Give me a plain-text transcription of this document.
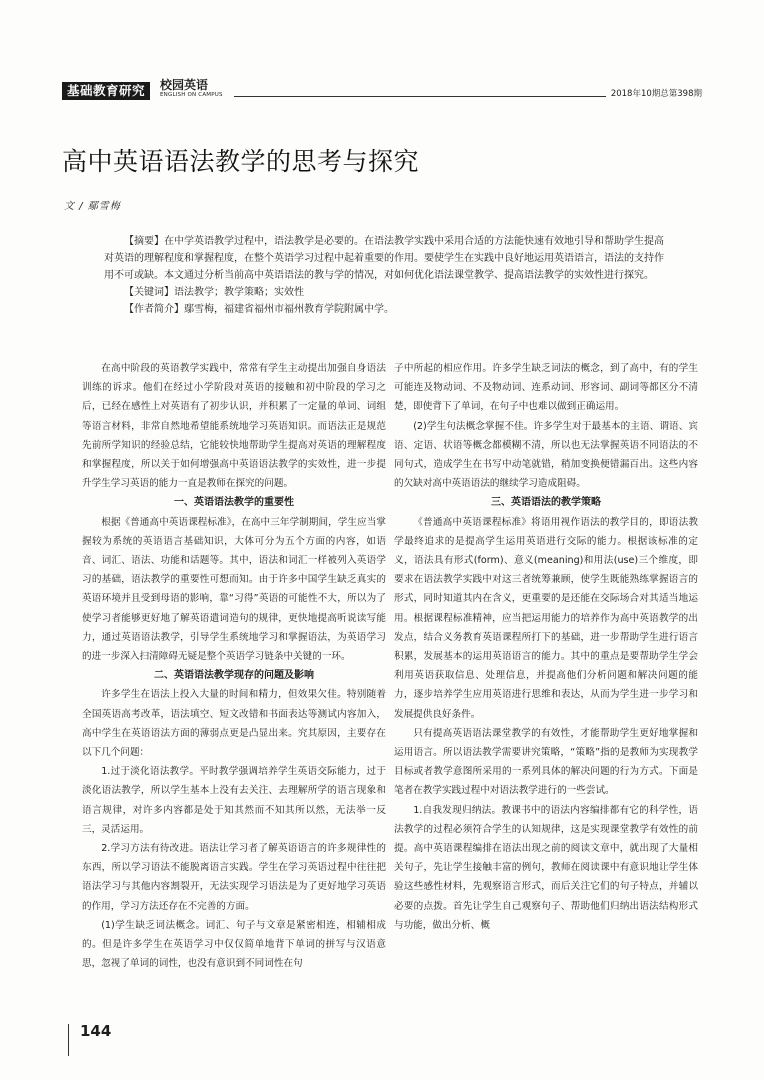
基础教育研究	校园英语
ENGLISH ON CAMPUS	2018年10期总第398期
高中英语语法教学的思考与探究
文 / 鄢雪梅

【摘要】在中学英语教学过程中，语法教学是必要的。在语法教学实践中采用合适的方法能快速有效地引导和帮助学生提高对英语的理解程度和掌握程度，在整个英语学习过程中起着重要的作用。要使学生在实践中良好地运用英语语言，语法的支持作用不可或缺。本文通过分析当前高中英语语法的教与学的情况，对如何优化语法课堂教学、提高语法教学的实效性进行探究。

【关键词】语法教学；教学策略；实效性

【作者简介】鄢雪梅，福建省福州市福州教育学院附属中学。

在高中阶段的英语教学实践中，常常有学生主动提出加强自身语法训练的诉求。他们在经过小学阶段对英语的接触和初中阶段的学习之后，已经在感性上对英语有了初步认识，并积累了一定量的单词、词组等语言材料，非常自然地希望能系统地学习英语知识。而语法正是规范先前所学知识的经验总结，它能较快地帮助学生提高对英语的理解程度和掌握程度，所以关于如何增强高中英语语法教学的实效性，进一步提升学生学习英语的能力一直是教师在探究的问题。

一、英语语法教学的重要性

根据《普通高中英语课程标准》，在高中三年学制期间，学生应当掌握较为系统的英语语言基础知识，大体可分为五个方面的内容，如语音、词汇、语法、功能和话题等。其中，语法和词汇一样被列入英语学习的基础，语法教学的重要性可想而知。由于许多中国学生缺乏真实的英语环境并且受到母语的影响，靠“习得”英语的可能性不大，所以为了使学习者能够更好地了解英语遣词造句的规律，更快地提高听说读写能力，通过英语语法教学，引导学生系统地学习和掌握语法，为英语学习的进一步深入扫清障碍无疑是整个英语学习链条中关键的一环。

二、英语语法教学现存的问题及影响

许多学生在语法上投入大量的时间和精力，但效果欠佳。特别随着全国英语高考改革，语法填空、短文改错和书面表达等测试内容加入，高中学生在英语语法方面的薄弱点更是凸显出来。究其原因，主要存在以下几个问题：

1.过于淡化语法教学。平时教学强调培养学生英语交际能力，过于淡化语法教学，所以学生基本上没有去关注、去理解所学的语言现象和语言规律，对许多内容都是处于知其然而不知其所以然，无法举一反三，灵活运用。

2.学习方法有待改进。语法让学习者了解英语语言的许多规律性的东西，所以学习语法不能脱离语言实践。学生在学习英语过程中往往把语法学习与其他内容割裂开，无法实现学习语法是为了更好地学习英语的作用，学习方法还存在不完善的方面。

(1)学生缺乏词法概念。词汇、句子与文章是紧密相连，相辅相成的。但是许多学生在英语学习中仅仅简单地背下单词的拼写与汉语意思，忽视了单词的词性，也没有意识到不同词性在句

子中所起的相应作用。许多学生缺乏词法的概念，到了高中，有的学生可能连及物动词、不及物动词、连系动词、形容词、副词等都区分不清楚，即使背下了单词，在句子中也难以做到正确运用。

(2)学生句法概念掌握不佳。许多学生对于最基本的主语、谓语、宾语、定语、状语等概念都模糊不清，所以也无法掌握英语不同语法的不同句式，造成学生在书写中动笔就错，稍加变换便错漏百出。这些内容的欠缺对高中英语语法的继续学习造成阻碍。

三、英语语法的教学策略

《普通高中英语课程标准》将语用视作语法的教学目的，即语法教学最终追求的是提高学生运用英语进行交际的能力。根据该标准的定义，语法具有形式(form)、意义(meaning)和用法(use)三个维度，即要求在语法教学实践中对这三者统筹兼顾，使学生既能熟练掌握语言的形式，同时知道其内在含义，更重要的是还能在交际场合对其适当地运用。根据课程标准精神，应当把运用能力的培养作为高中英语教学的出发点，结合义务教育英语课程所打下的基础，进一步帮助学生进行语言积累，发展基本的运用英语语言的能力。其中的重点是要帮助学生学会利用英语获取信息、处理信息，并提高他们分析问题和解决问题的能力，逐步培养学生应用英语进行思维和表达，从而为学生进一步学习和发展提供良好条件。

只有提高英语语法课堂教学的有效性，才能帮助学生更好地掌握和运用语言。所以语法教学需要讲究策略，“策略”指的是教师为实现教学目标或者教学意图所采用的一系列具体的解决问题的行为方式。下面是笔者在教学实践过程中对语法教学进行的一些尝试。

1.自我发现归纳法。教课书中的语法内容编排都有它的科学性，语法教学的过程必须符合学生的认知规律，这是实现课堂教学有效性的前提。高中英语课程编排在语法出现之前的阅读文章中，就出现了大量相关句子，先让学生接触丰富的例句，教师在阅读课中有意识地让学生体验这些感性材料，先观察语言形式，而后关注它们的句子特点，并辅以必要的点拨。首先让学生自己观察句子、帮助他们归纳出语法结构形式与功能，做出分析、概

144
